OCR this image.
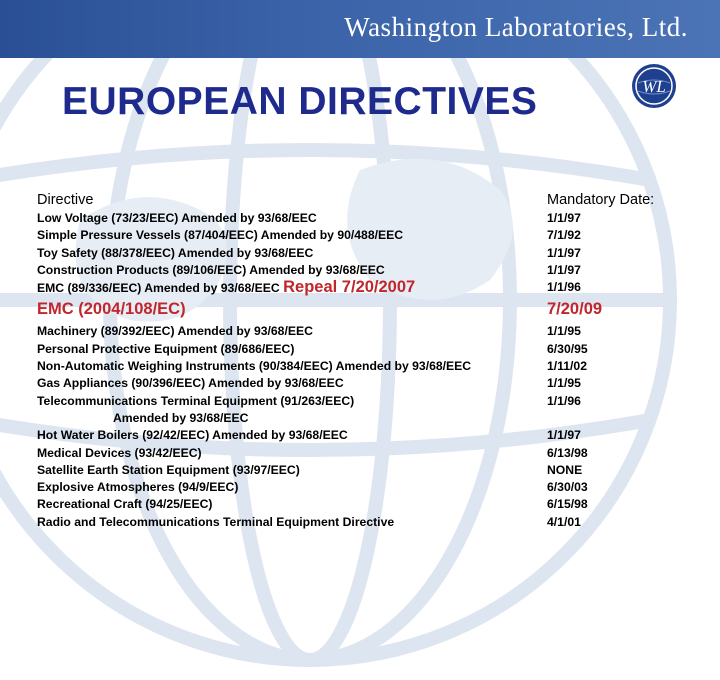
Washington Laboratories, Ltd.
EUROPEAN DIRECTIVES	WL
Directive	Mandatory Date:
Low Voltage (73/23/EEC) Amended by 93/68/EEC
Simple Pressure Vessels (87/404/EEC) Amended by 90/488/EEC
Toy Safety (88/378/EEC) Amended by 93/68/EEC
Construction Products (89/106/EEC) Amended by 93/68/EEC
EMC (89/336/EEC) Amended by 93/68/EEC Repeal 7/20/2007
EMC (2004/108/EC)
Machinery (89/392/EEC) Amended by 93/68/EEC
Personal Protective Equipment (89/686/EEC)
Non-Automatic Weighing Instruments (90/384/EEC) Amended by 93/68/EEC
Gas Appliances (90/396/EEC) Amended by 93/68/EEC
Telecommunications Terminal Equipment (91/263/EEC)
Amended by 93/68/EEC
Hot Water Boilers (92/42/EEC) Amended by 93/68/EEC
Medical Devices (93/42/EEC)
Satellite Earth Station Equipment (93/97/EEC)
Explosive Atmospheres (94/9/EEC)
Recreational Craft (94/25/EEC)
Radio and Telecommunications Terminal Equipment Directive
1/1/97
7/1/92
1/1/97
1/1/97
1/1/96
7/20/09
1/1/95
6/30/95
1/11/02
1/1/95
1/1/96
1/1/97
6/13/98
NONE
6/30/03
6/15/98
4/1/01
